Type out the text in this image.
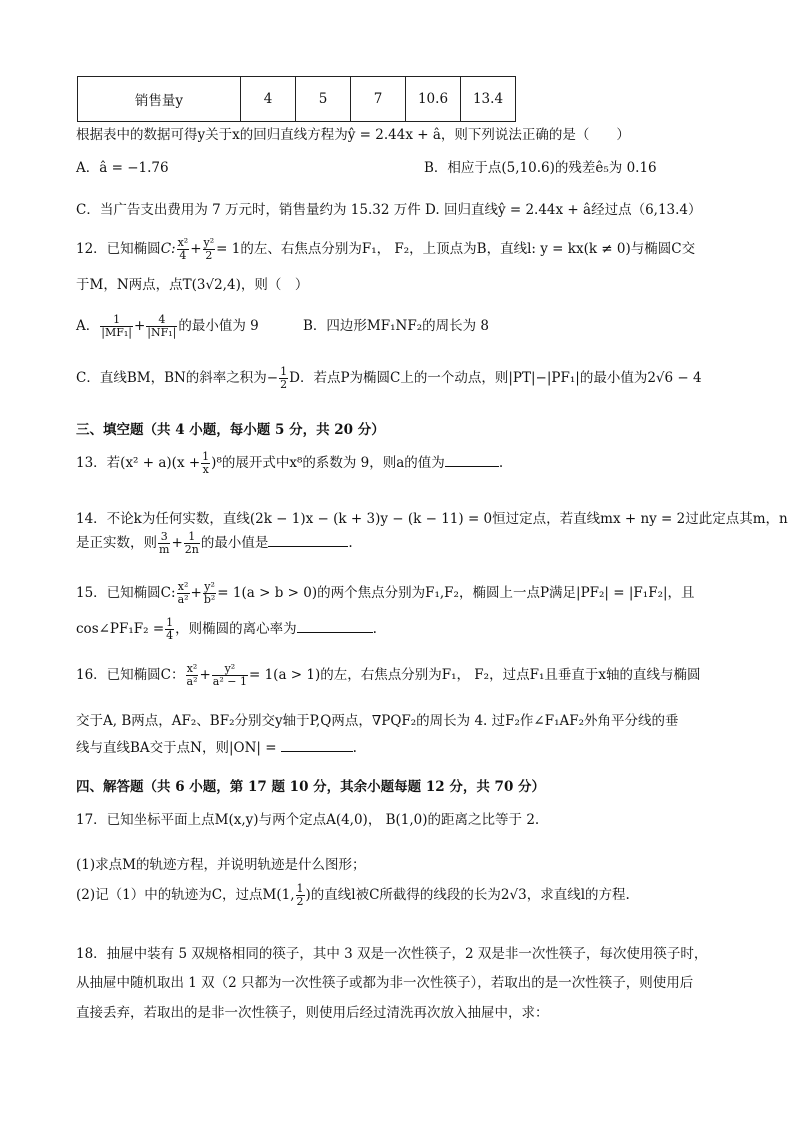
销售量y	4	5	7	10.6	13.4
根据表中的数据可得y关于x的回归直线方程为ŷ = 2.44x + â，则下列说法正确的是（　　）
A．â = −1.76	B．相应于点(5,10.6)的残差ê₅为 0.16
C．当广告支出费用为 7 万元时，销售量约为 15.32 万件 D. 回归直线ŷ = 2.44x + â经过点（6,13.4）
12．已知椭圆C: $\frac{\text{x²}}{4} + \frac{\text{y²}}{2} = 1$的左、右焦点分别为F₁， F₂，上顶点为B，直线l: y = kx(k ≠ 0)与椭圆C交
于M，N两点，点T(3√2,4)，则（　）
A． $\frac{1}{\text{|MF₁|}} + \frac{4}{\text{|NF₁|}}$ 的最小值为 9	B．四边形MF₁NF₂的周长为 8
C．直线BM，BN的斜率之积为− $\frac{1}{2}$ D．若点P为椭圆C上的一个动点，则|PT|−|PF₁|的最小值为2√6 − 4
三、填空题（共 4 小题，每小题 5 分，共 20 分）
13．若$(x^2 + a)(x + \frac{1}{x} )^8$的展开式中x⁸的系数为 9，则a的值为	.
14．不论k为任何实数，直线(2k − 1)x − (k + 3)y − (k − 11) = 0恒过定点，若直线mx + ny = 2过此定点其m，n
是正实数，则 $\frac{3}{m} + \frac{1}{2n}$ 的最小值是	.
15．已知椭圆C: $\frac{\text{x²}}{\text{a²}} + \frac{\text{y²}}{\text{b²}} = 1(a > b > 0)$的两个焦点分别为F₁,F₂，椭圆上一点P满足|PF₂| = |F₁F₂|，且
cos∠PF₁F₂ = $\frac{1}{4}$ ，则椭圆的离心率为	.
16．已知椭圆C： $\frac{\text{x²}}{\text{a²}} + \frac{\text{y²}}{\text{a² − 1}} = 1(a > 1)$的左，右焦点分别为F₁， F₂，过点F₁且垂直于x轴的直线与椭圆
交于A, B两点，AF₂、BF₂分别交y轴于P,Q两点，∇PQF₂的周长为 4. 过F₂作∠F₁AF₂外角平分线的垂
线与直线BA交于点N，则|ON| =	.
四、解答题（共 6 小题，第 17 题 10 分，其余小题每题 12 分，共 70 分）
17．已知坐标平面上点M(x,y)与两个定点A(4,0)， B(1,0)的距离之比等于 2.
(1)求点M的轨迹方程，并说明轨迹是什么图形；
(2)记（1）中的轨迹为C，过点M(1, $\frac{1}{2}$ )的直线l被C所截得的线段的长为2√3，求直线l的方程.
18．抽屉中装有 5 双规格相同的筷子，其中 3 双是一次性筷子，2 双是非一次性筷子，每次使用筷子时，
从抽屉中随机取出 1 双（2 只都为一次性筷子或都为非一次性筷子），若取出的是一次性筷子，则使用后
直接丢弃，若取出的是非一次性筷子，则使用后经过清洗再次放入抽屉中，求：
